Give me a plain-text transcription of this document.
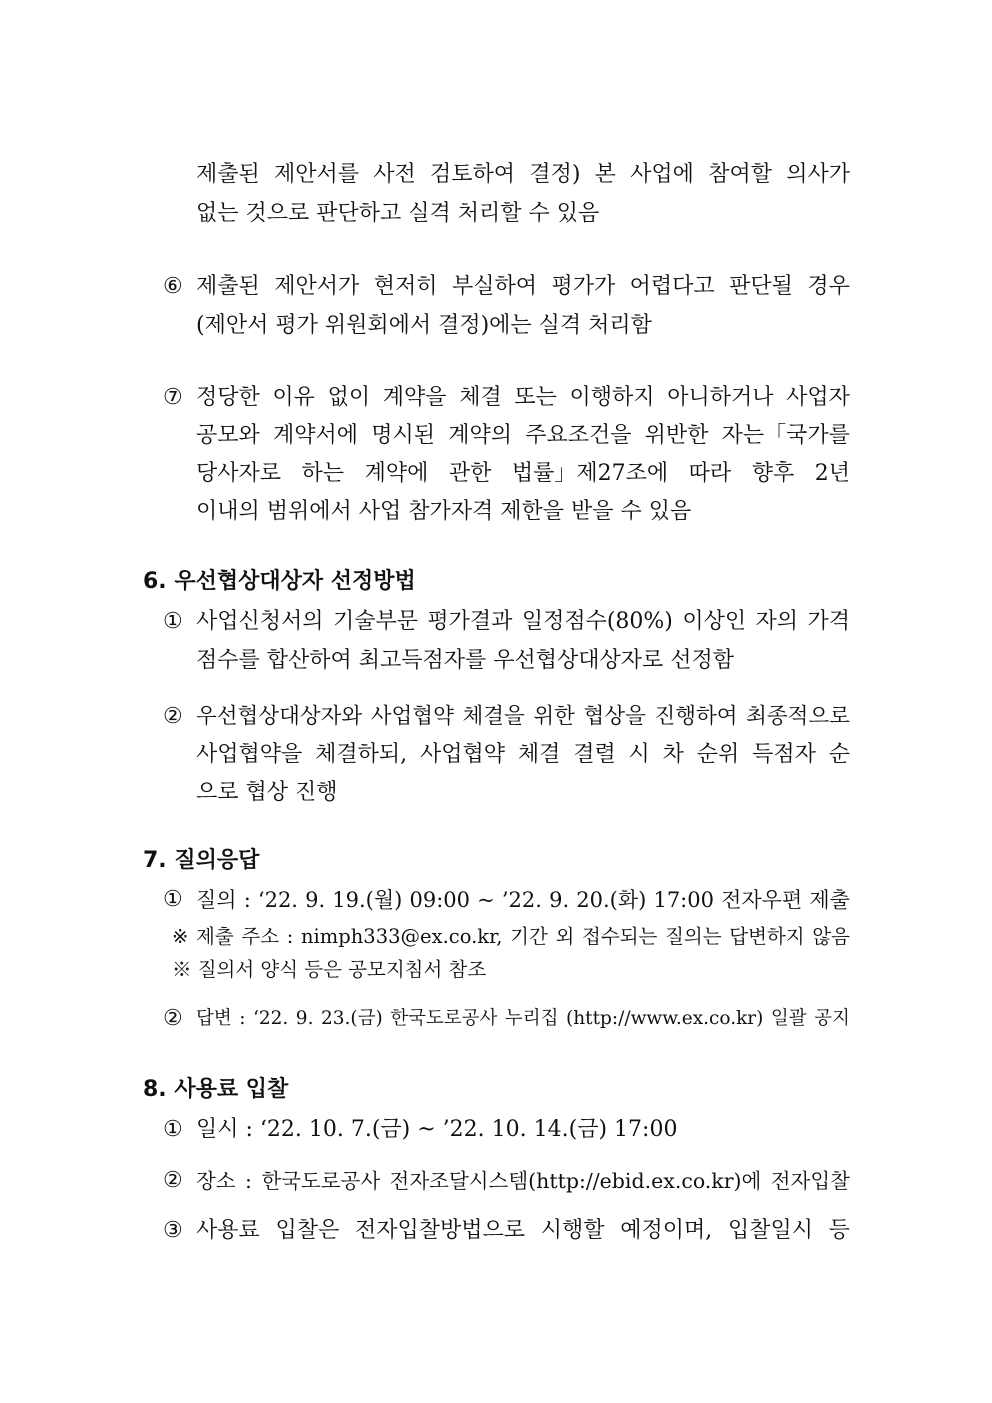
제출된 제안서를 사전 검토하여 결정) 본 사업에 참여할 의사가
없는 것으로 판단하고 실격 처리할 수 있음
⑥ 제출된 제안서가 현저히 부실하여 평가가 어렵다고 판단될 경우
(제안서 평가 위원회에서 결정)에는 실격 처리함
⑦ 정당한 이유 없이 계약을 체결 또는 이행하지 아니하거나 사업자
공모와 계약서에 명시된 계약의 주요조건을 위반한 자는「국가를
당사자로 하는 계약에 관한 법률」제27조에 따라 향후 2년
이내의 범위에서 사업 참가자격 제한을 받을 수 있음
6. 우선협상대상자 선정방법
① 사업신청서의 기술부문 평가결과 일정점수(80%) 이상인 자의 가격
점수를 합산하여 최고득점자를 우선협상대상자로 선정함
② 우선협상대상자와 사업협약 체결을 위한 협상을 진행하여 최종적으로
사업협약을 체결하되, 사업협약 체결 결렬 시 차 순위 득점자 순
으로 협상 진행
7. 질의응답
① 질의 : ‘22. 9. 19.(월) 09:00 ~ ’22. 9. 20.(화) 17:00 전자우편 제출
※ 제출 주소 : nimph333@ex.co.kr, 기간 외 접수되는 질의는 답변하지 않음
※ 질의서 양식 등은 공모지침서 참조
② 답변 : ‘22. 9. 23.(금) 한국도로공사 누리집 (http://www.ex.co.kr) 일괄 공지
8. 사용료 입찰
① 일시 : ‘22. 10. 7.(금) ~ ’22. 10. 14.(금) 17:00
② 장소 : 한국도로공사 전자조달시스템(http://ebid.ex.co.kr)에 전자입찰
③ 사용료 입찰은 전자입찰방법으로 시행할 예정이며, 입찰일시 등
